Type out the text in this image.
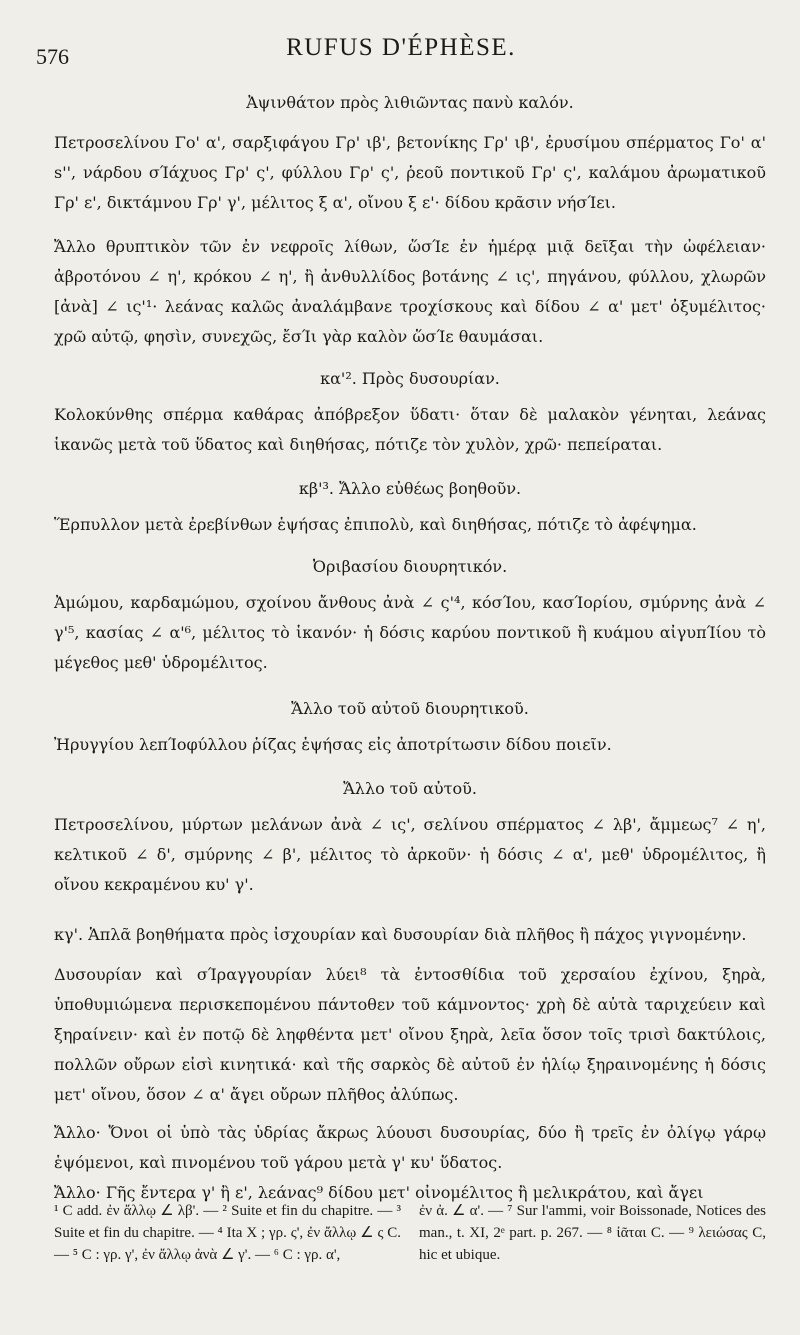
576	RUFUS D'ÉPHÈSE.

Ἀψινθάτον πρὸς λιθιῶντας πανὺ καλόν.

Πετροσελίνου Γο' α', σαρξιφάγου Γρ' ιβ', βετονίκης Γρ' ιβ', ἐρυσίμου σπέρματος Γο' α' s'', νάρδου σΊάχυος Γρ' ς', φύλλου Γρ' ς', ῥεοῦ ποντικοῦ Γρ' ς', καλάμου ἀρωματικοῦ Γρ' ε', δικτάμνου Γρ' γ', μέλιτος ξ α', οἴνου ξ ε'· δίδου κρᾶσιν νήσΊει.

Ἄλλο θρυπτικὸν τῶν ἐν νεφροῖς λίθων, ὥσΊε ἐν ἡμέρᾳ μιᾷ δεῖξαι τὴν ὠφέλειαν· ἀβροτόνου ∠ η', κρόκου ∠ η', ἢ ἀνθυλλίδος βοτάνης ∠ ις', πηγάνου, φύλλου, χλωρῶν [ἀνὰ] ∠ ις'¹· λεάνας καλῶς ἀναλάμβανε τροχίσκους καὶ δίδου ∠ α' μετ' ὀξυμέλιτος· χρῶ αὐτῷ, φησὶν, συνεχῶς, ἔσΊι γὰρ καλὸν ὥσΊε θαυμάσαι.

κα'². Πρὸς δυσουρίαν.

Κολοκύνθης σπέρμα καθάρας ἀπόβρεξον ὕδατι· ὅταν δὲ μαλακὸν γένηται, λεάνας ἱκανῶς μετὰ τοῦ ὕδατος καὶ διηθήσας, πότιζε τὸν χυλὸν, χρῶ· πεπείραται.

κβ'³. Ἄλλο εὐθέως βοηθοῦν.

Ἕρπυλλον μετὰ ἐρεβίνθων ἑψήσας ἐπιπολὺ, καὶ διηθήσας, πότιζε τὸ ἀφέψημα.

Ὀριβασίου διουρητικόν.

Ἀμώμου, καρδαμώμου, σχοίνου ἄνθους ἀνὰ ∠ ς'⁴, κόσΊου, κασΊορίου, σμύρνης ἀνὰ ∠ γ'⁵, κασίας ∠ α'⁶, μέλιτος τὸ ἱκανόν· ἡ δόσις καρύου ποντικοῦ ἢ κυάμου αἰγυπΊίου τὸ μέγεθος μεθ' ὑδρομέλιτος.

Ἄλλο τοῦ αὐτοῦ διουρητικοῦ.

Ἠρυγγίου λεπΊοφύλλου ῥίζας ἑψήσας εἰς ἀποτρίτωσιν δίδου ποιεῖν.

Ἄλλο τοῦ αὐτοῦ.

Πετροσελίνου, μύρτων μελάνων ἀνὰ ∠ ις', σελίνου σπέρματος ∠ λβ', ἄμμεως⁷ ∠ η', κελτικοῦ ∠ δ', σμύρνης ∠ β', μέλιτος τὸ ἀρκοῦν· ἡ δόσις ∠ α', μεθ' ὑδρομέλιτος, ἢ οἴνου κεκραμένου κυ' γ'.

κγ'. Ἁπλᾶ βοηθήματα πρὸς ἰσχουρίαν καὶ δυσουρίαν διὰ πλῆθος ἢ πάχος γιγνομένην.

Δυσουρίαν καὶ σΊραγγουρίαν λύει⁸ τὰ ἐντοσθίδια τοῦ χερσαίου ἐχίνου, ξηρὰ, ὑποθυμιώμενα περισκεπομένου πάντοθεν τοῦ κάμνοντος· χρὴ δὲ αὐτὰ ταριχεύειν καὶ ξηραίνειν· καὶ ἐν ποτῷ δὲ ληφθέντα μετ' οἴνου ξηρὰ, λεῖα ὅσον τοῖς τρισὶ δακτύλοις, πολλῶν οὔρων εἰσὶ κινητικά· καὶ τῆς σαρκὸς δὲ αὐτοῦ ἐν ἡλίῳ ξηραινομένης ἡ δόσις μετ' οἴνου, ὅσον ∠ α' ἄγει οὔρων πλῆθος ἀλύπως.

Ἄλλο· Ὄνοι οἱ ὑπὸ τὰς ὑδρίας ἄκρως λύουσι δυσουρίας, δύο ἢ τρεῖς ἐν ὀλίγῳ γάρῳ ἑψόμενοι, καὶ πινομένου τοῦ γάρου μετὰ γ' κυ' ὕδατος.

Ἄλλο· Γῆς ἔντερα γ' ἢ ε', λεάνας⁹ δίδου μετ' οἰνομέλιτος ἢ μελικράτου, καὶ ἄγει

¹ C add. ἐν ἄλλῳ ∠ λβ'. — ² Suite et fin du chapitre. — ³ Suite et fin du chapitre. — ⁴ Ita X ; γρ. ς', ἐν ἄλλῳ ∠ ς C. — ⁵ C : γρ. γ', ἐν ἄλλῳ ἀνὰ ∠ γ'. — ⁶ C : γρ. α',
ἐν ἀ. ∠ α'. — ⁷ Sur l'ammi, voir Boissonade, Notices des man., t. XI, 2ᵉ part. p. 267. — ⁸ ἰᾶται C. — ⁹ λειώσας C, hic et ubique.
